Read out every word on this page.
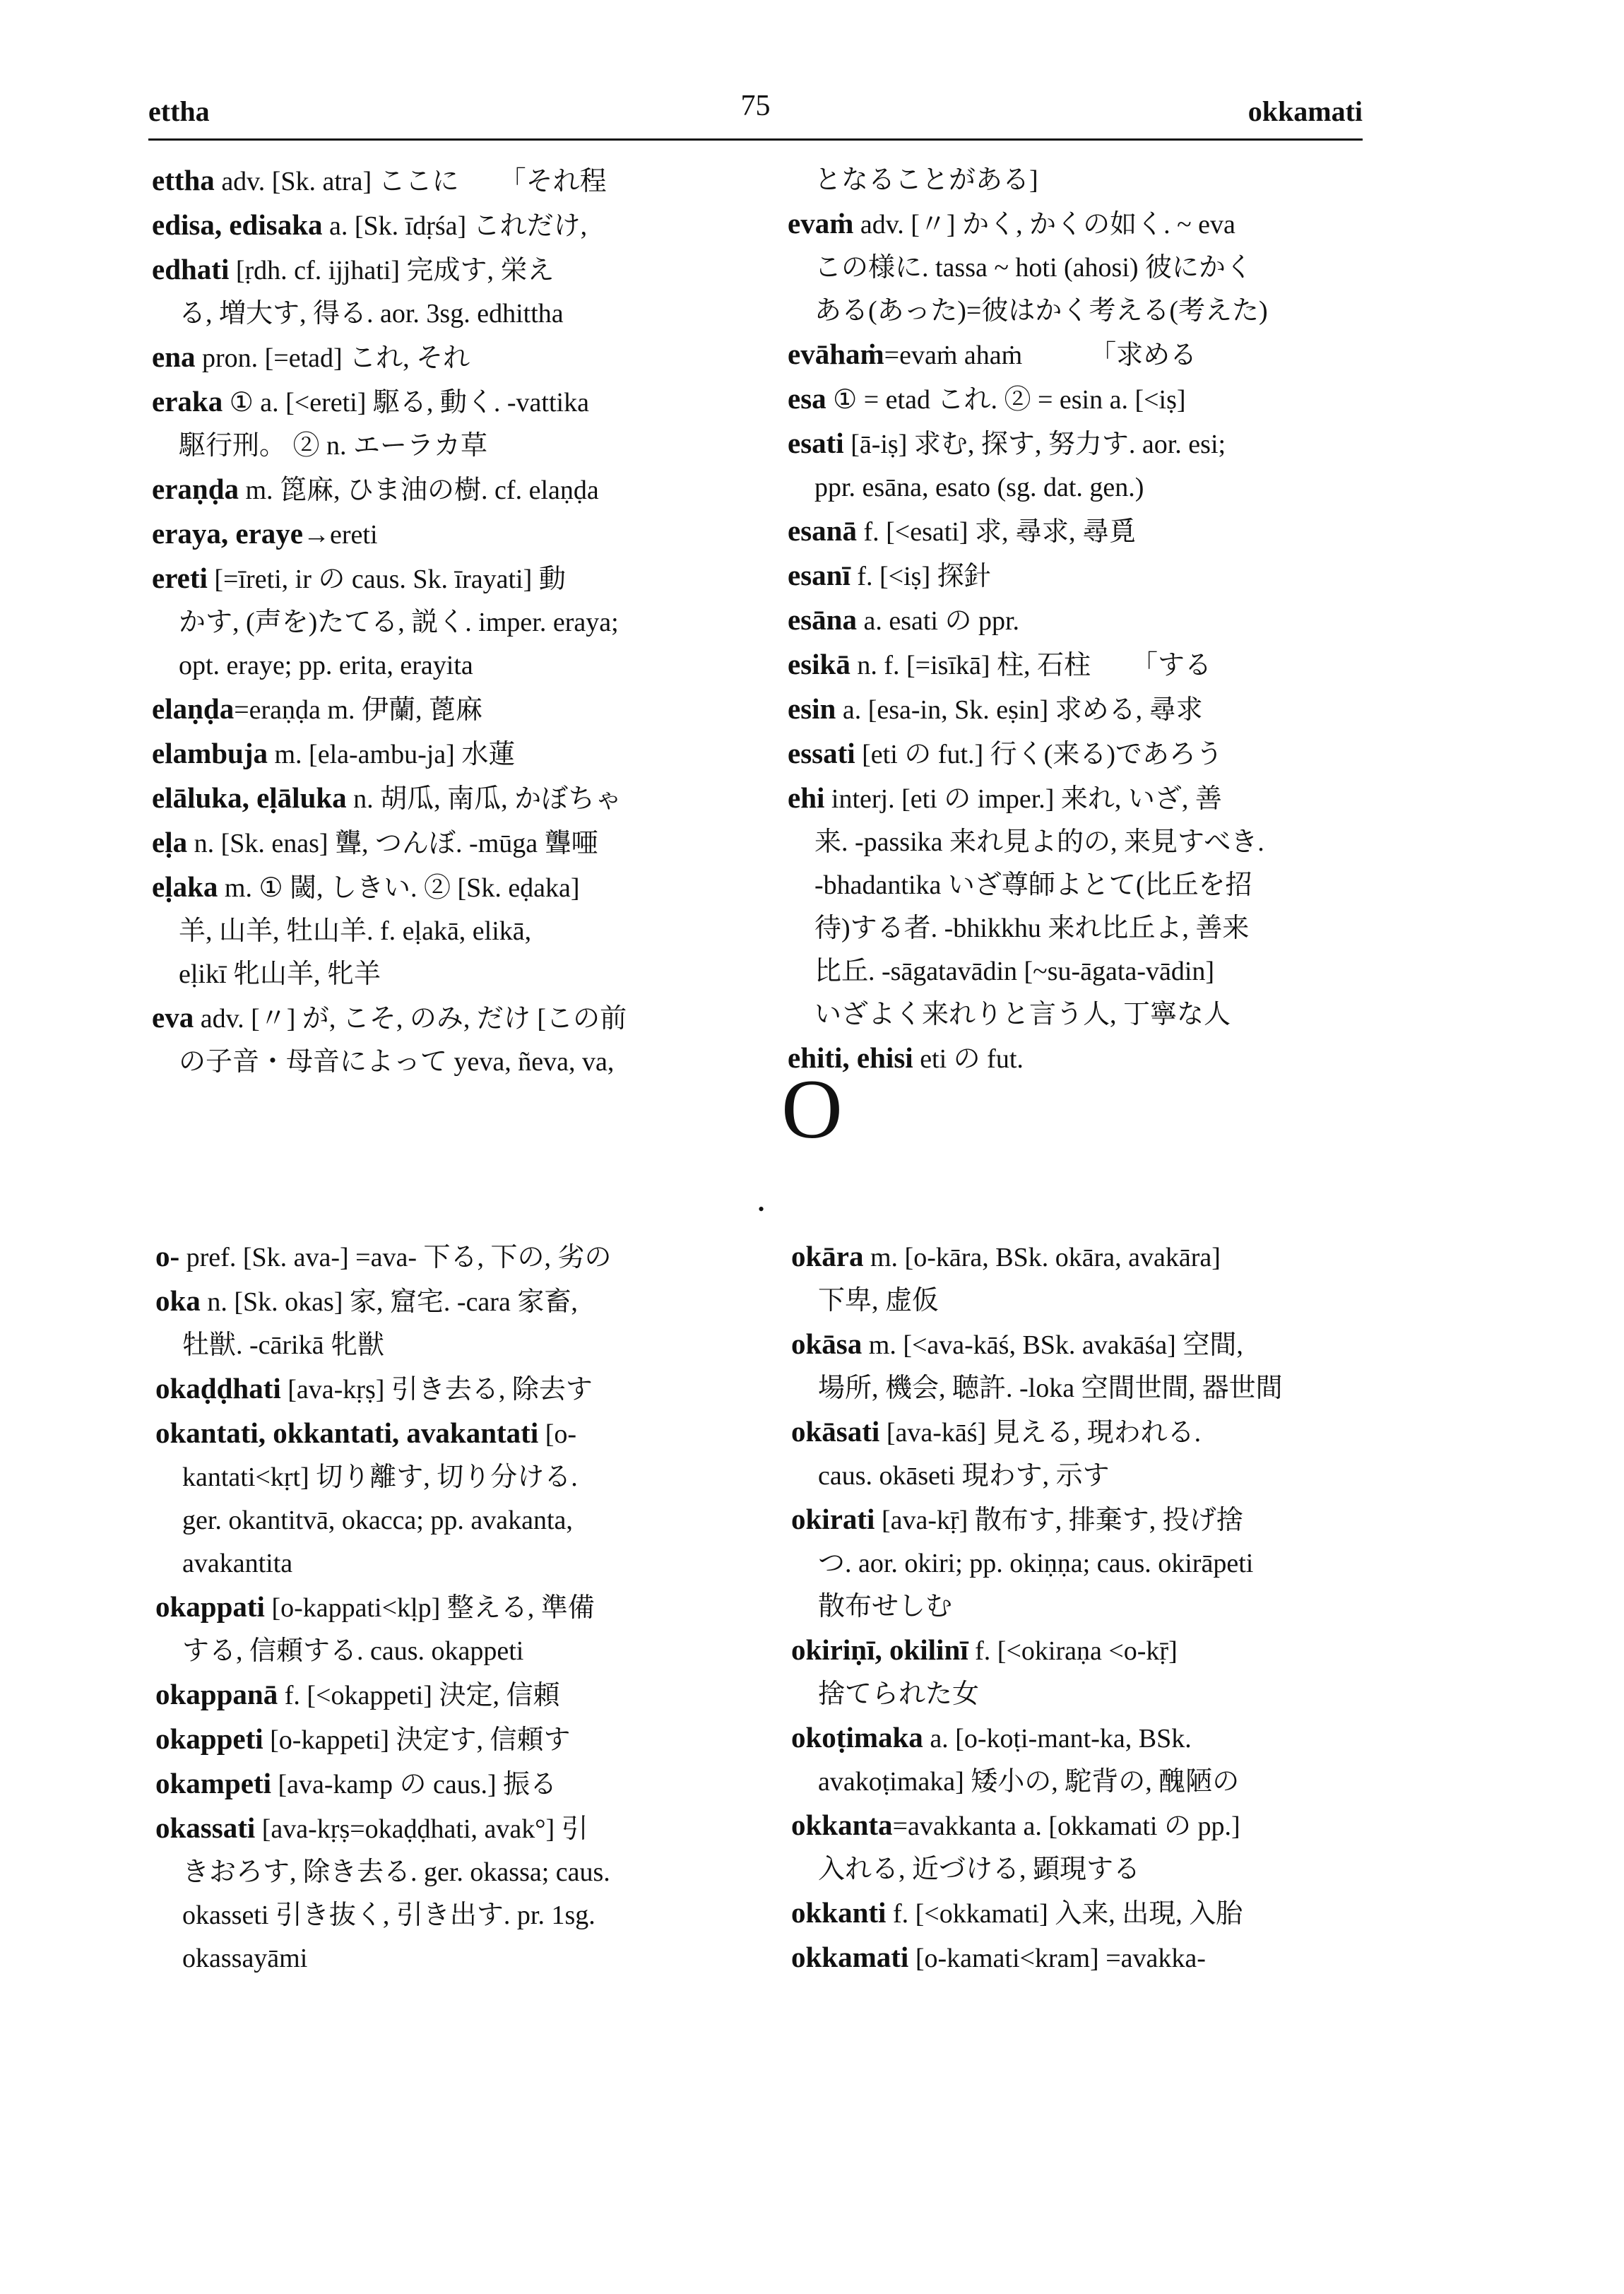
ettha	75	okkamati

ettha adv. [Sk. atra] ここに　　「それ程

edisa, edisaka a. [Sk. īdṛśa] これだけ,

edhati [ṛdh. cf. ijjhati] 完成す, 栄え

る, 増大す, 得る. aor. 3sg. edhittha

ena pron. [=etad] これ, それ

eraka ① a. [<ereti] 駆る, 動く. -vattika

駆行刑。 ② n. エーラカ草

eraṇḍa m. 箆麻, ひま油の樹. cf. elaṇḍa

eraya, eraye→ereti

ereti [=īreti, ir の caus. Sk. īrayati] 動

かす, (声を)たてる, 説く. imper. eraya;

opt. eraye; pp. erita, erayita

elaṇḍa=eraṇḍa m. 伊蘭, 蓖麻

elambuja m. [ela-ambu-ja] 水蓮

elāluka, eḷāluka n. 胡瓜, 南瓜, かぼちゃ

eḷa n. [Sk. enas] 聾, つんぼ. -mūga 聾唖

eḷaka m. ① 閾, しきい. ② [Sk. eḍaka]

羊, 山羊, 牡山羊. f. eḷakā, elikā,

eḷikī 牝山羊, 牝羊

eva adv. [〃] が, こそ, のみ, だけ [この前

の子音・母音によって yeva, ñeva, va,

となることがある]

evaṁ adv. [〃] かく, かくの如く. ~ eva

この様に. tassa ~ hoti (ahosi) 彼にかく

ある(あった)=彼はかく考える(考えた)

evāhaṁ=evaṁ ahaṁ　　　「求める

esa ① = etad これ. ② = esin a. [<iṣ]

esati [ā-iṣ] 求む, 探す, 努力す. aor. esi;

ppr. esāna, esato (sg. dat. gen.)

esanā f. [<esati] 求, 尋求, 尋覓

esanī f. [<iṣ] 探針

esāna a. esati の ppr.

esikā n. f. [=isīkā] 柱, 石柱　　「する

esin a. [esa-in, Sk. eṣin] 求める, 尋求

essati [eti の fut.] 行く(来る)であろう

ehi interj. [eti の imper.] 来れ, いざ, 善

来. -passika 来れ見よ的の, 来見すべき.

-bhadantika いざ尊師よとて(比丘を招

待)する者. -bhikkhu 来れ比丘よ, 善来

比丘. -sāgatavādin [~su-āgata-vādin]

いざよく来れりと言う人, 丁寧な人

ehiti, ehisi eti の fut.

O
•

o- pref. [Sk. ava-] =ava- 下る, 下の, 劣の

oka n. [Sk. okas] 家, 窟宅. -cara 家畜,

牡獣. -cārikā 牝獣

okaḍḍhati [ava-kṛṣ] 引き去る, 除去す

okantati, okkantati, avakantati [o-

kantati<kṛt] 切り離す, 切り分ける.

ger. okantitvā, okacca; pp. avakanta,

avakantita

okappati [o-kappati<kḷp] 整える, 準備

する, 信頼する. caus. okappeti

okappanā f. [<okappeti] 決定, 信頼

okappeti [o-kappeti] 決定す, 信頼す

okampeti [ava-kamp の caus.] 振る

okassati [ava-kṛṣ=okaḍḍhati, avak°] 引

きおろす, 除き去る. ger. okassa; caus.

okasseti 引き抜く, 引き出す. pr. 1sg.

okassayāmi

okāra m. [o-kāra, BSk. okāra, avakāra]

下卑, 虚仮

okāsa m. [<ava-kāś, BSk. avakāśa] 空間,

場所, 機会, 聴許. -loka 空間世間, 器世間

okāsati [ava-kāś] 見える, 現われる.

caus. okāseti 現わす, 示す

okirati [ava-kṝ] 散布す, 排棄す, 投げ捨

つ. aor. okiri; pp. okiṇṇa; caus. okirāpeti

散布せしむ

okiriṇī, okilinī f. [<okiraṇa <o-kṝ]

捨てられた女

okoṭimaka a. [o-koṭi-mant-ka, BSk.

avakoṭimaka] 矮小の, 駝背の, 醜陋の

okkanta=avakkanta a. [okkamati の pp.]

入れる, 近づける, 顕現する

okkanti f. [<okkamati] 入来, 出現, 入胎

okkamati [o-kamati<kram] =avakka-
